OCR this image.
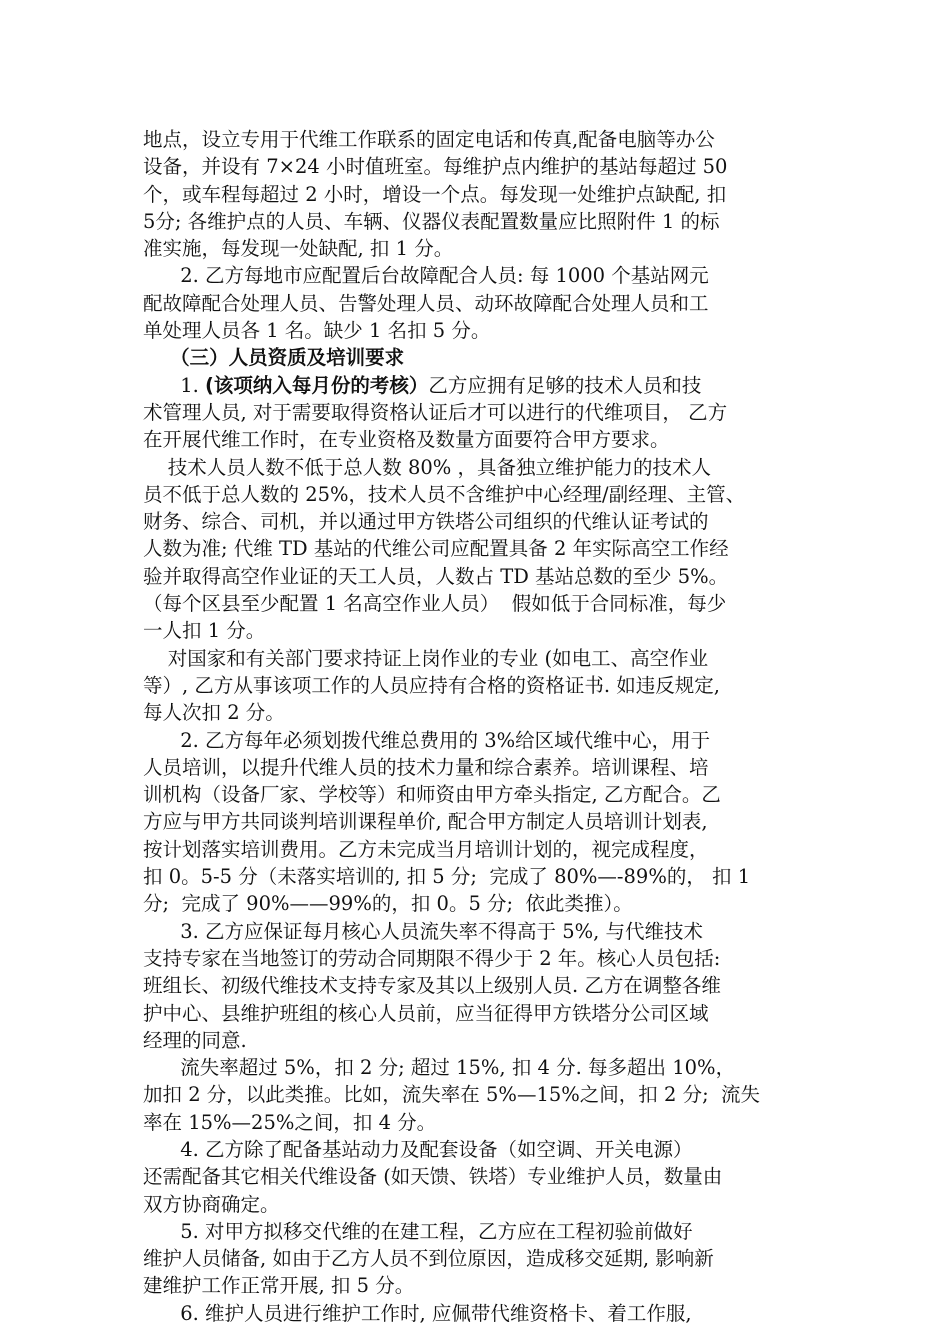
地点，设立专用于代维工作联系的固定电话和传真,配备电脑等办公
设备，并设有 7×24 小时值班室。每维护点内维护的基站每超过 50
个，或车程每超过 2 小时，增设一个点。每发现一处维护点缺配, 扣
5分; 各维护点的人员、车辆、仪器仪表配置数量应比照附件 1 的标
准实施，每发现一处缺配, 扣 1 分。
2. 乙方每地市应配置后台故障配合人员: 每 1000 个基站网元
配故障配合处理人员、告警处理人员、动环故障配合处理人员和工
单处理人员各 1 名。缺少 1 名扣 5 分。
（三）人员资质及培训要求
1. (该项纳入每月份的考核）乙方应拥有足够的技术人员和技
术管理人员, 对于需要取得资格认证后才可以进行的代维项目， 乙方
在开展代维工作时，在专业资格及数量方面要符合甲方要求。
技术人员人数不低于总人数 80% ，具备独立维护能力的技术人
员不低于总人数的 25%，技术人员不含维护中心经理/副经理、主管、
财务、综合、司机，并以通过甲方铁塔公司组织的代维认证考试的
人数为准; 代维 TD 基站的代维公司应配置具备 2 年实际高空工作经
验并取得高空作业证的天工人员，人数占 TD 基站总数的至少 5%。
（每个区县至少配置 1 名高空作业人员）  假如低于合同标准，每少
一人扣 1 分。
对国家和有关部门要求持证上岗作业的专业 (如电工、高空作业
等）, 乙方从事该项工作的人员应持有合格的资格证书. 如违反规定,
每人次扣 2 分。
2. 乙方每年必须划拨代维总费用的 3%给区域代维中心，用于
人员培训，以提升代维人员的技术力量和综合素养。培训课程、培
训机构（设备厂家、学校等）和师资由甲方牵头指定, 乙方配合。乙
方应与甲方共同谈判培训课程单价, 配合甲方制定人员培训计划表,
按计划落实培训费用。乙方未完成当月培训计划的，视完成程度，
扣 0。5-5 分（未落实培训的, 扣 5 分;  完成了 80%—-89%的， 扣 1
分;  完成了 90%——99%的，扣 0。5 分;  依此类推）。
3. 乙方应保证每月核心人员流失率不得高于 5%, 与代维技术
支持专家在当地签订的劳动合同期限不得少于 2 年。核心人员包括:
班组长、初级代维技术支持专家及其以上级别人员. 乙方在调整各维
护中心、县维护班组的核心人员前，应当征得甲方铁塔分公司区域
经理的同意.
流失率超过 5%，扣 2 分; 超过 15%, 扣 4 分. 每多超出 10%，
加扣 2 分，以此类推。比如，流失率在 5%—15%之间，扣 2 分;  流失
率在 15%—25%之间，扣 4 分。
4. 乙方除了配备基站动力及配套设备（如空调、开关电源）
还需配备其它相关代维设备 (如天馈、铁塔）专业维护人员，数量由
双方协商确定。
5. 对甲方拟移交代维的在建工程，乙方应在工程初验前做好
维护人员储备, 如由于乙方人员不到位原因，造成移交延期, 影响新
建维护工作正常开展, 扣 5 分。
6. 维护人员进行维护工作时, 应佩带代维资格卡、着工作服,
